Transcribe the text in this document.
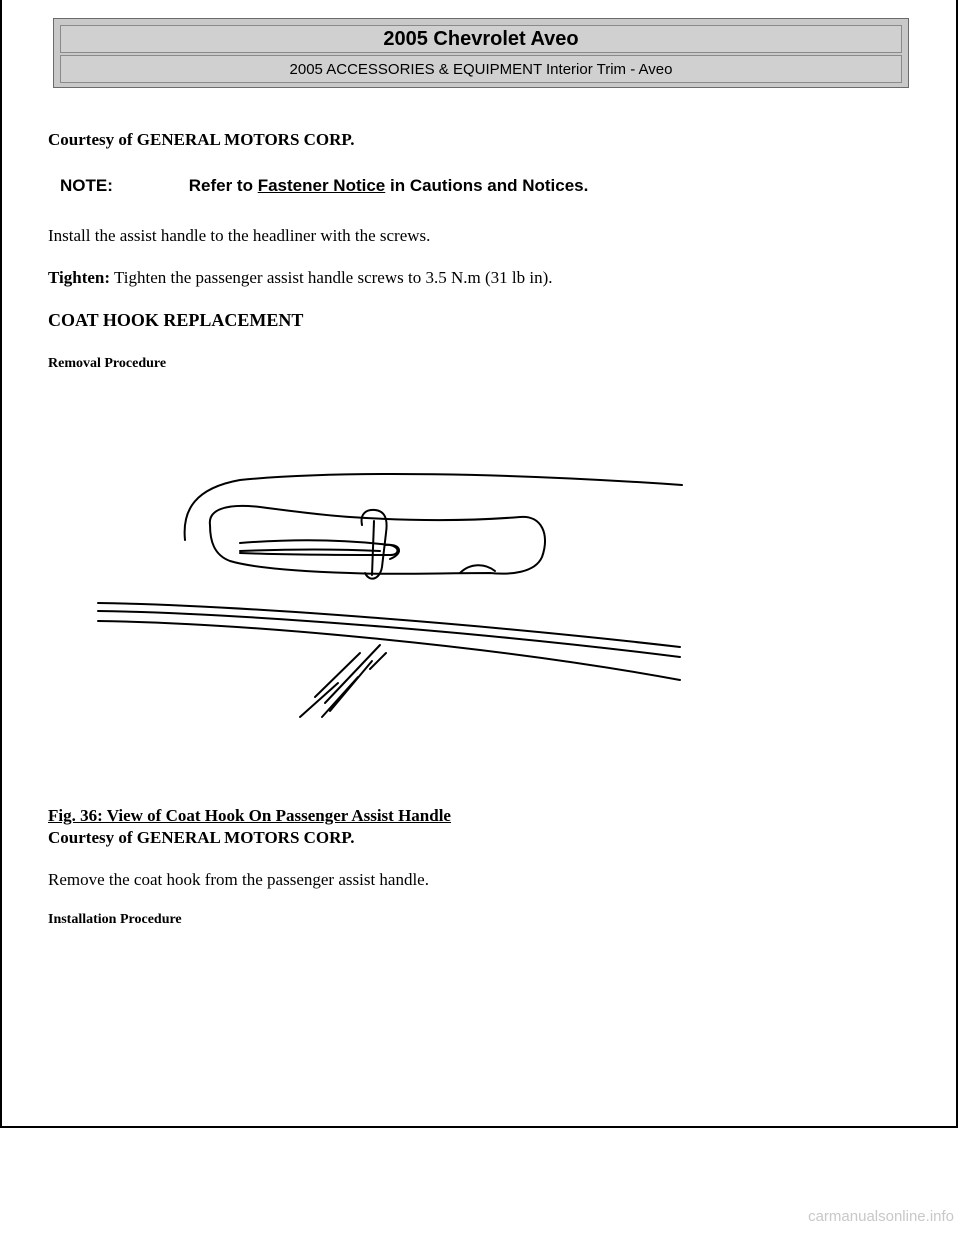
2005 Chevrolet Aveo
2005 ACCESSORIES & EQUIPMENT Interior Trim - Aveo
Courtesy of GENERAL MOTORS CORP.
NOTE:	Refer to Fastener Notice in Cautions and Notices.
Install the assist handle to the headliner with the screws.
Tighten: Tighten the passenger assist handle screws to 3.5 N.m (31 lb in).
COAT HOOK REPLACEMENT
Removal Procedure
Fig. 36: View of Coat Hook On Passenger Assist Handle
Courtesy of GENERAL MOTORS CORP.
Remove the coat hook from the passenger assist handle.
Installation Procedure
carmanualsonline.info
